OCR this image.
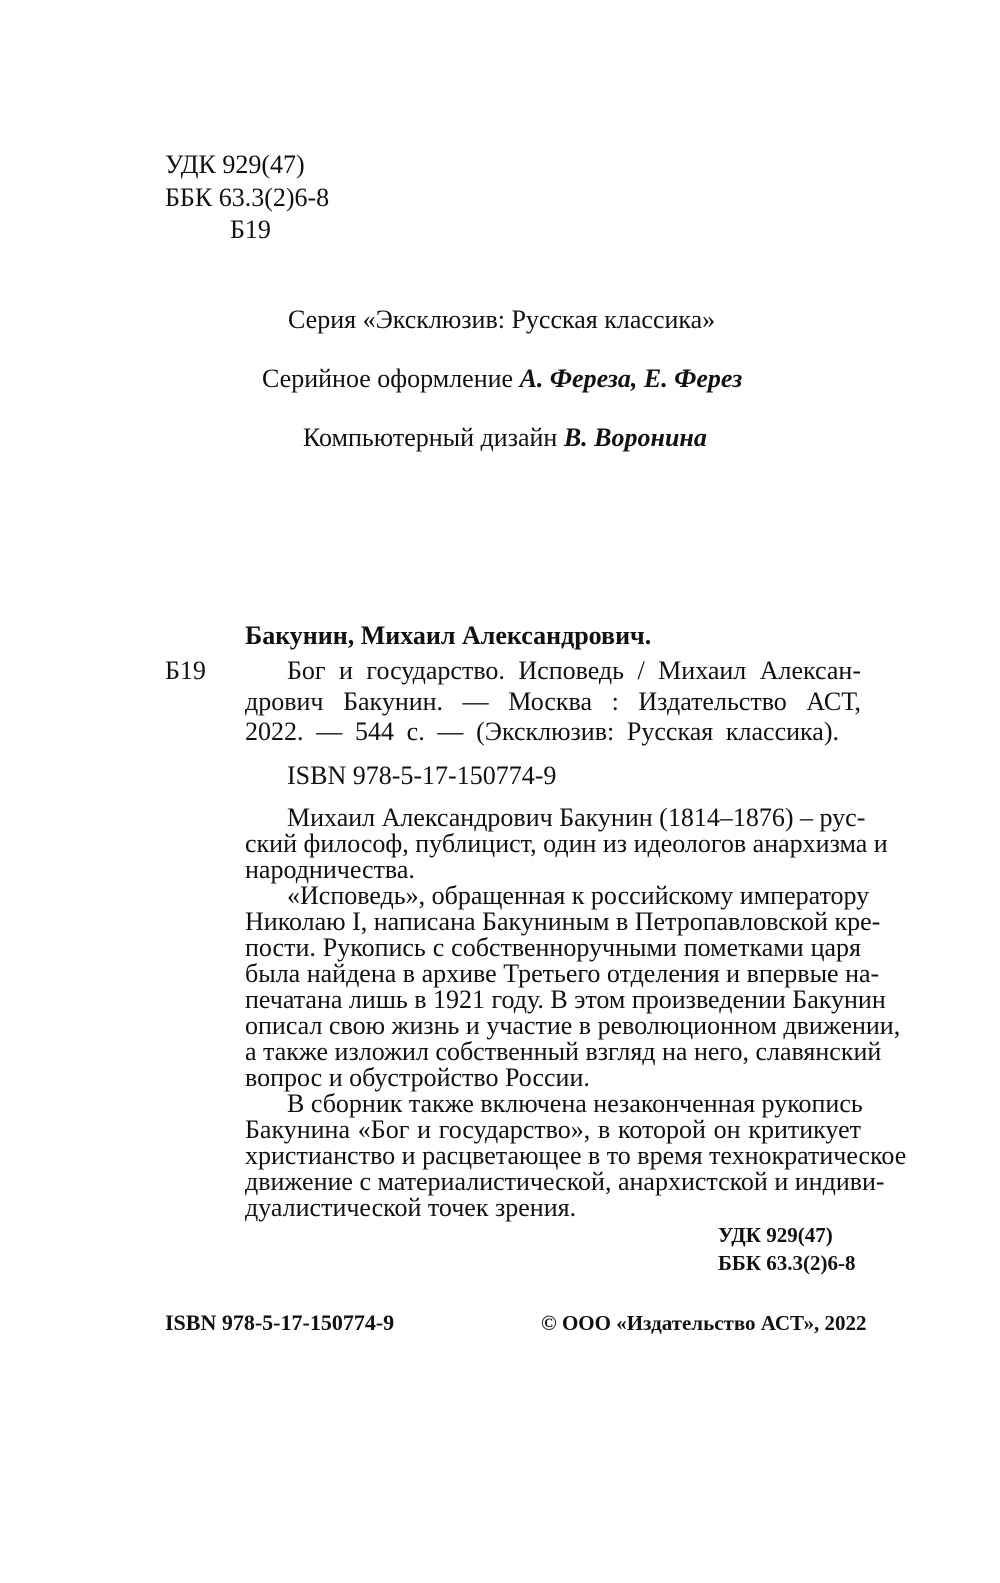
УДК 929(47)
ББК 63.3(2)6-8
Б19
Серия «Эксклюзив: Русская классика»
Серийное оформление А. Фереза, Е. Ферез
Компьютерный дизайн В. Воронина
Бакунин, Михаил Александрович.
Б19	Бог и государство. Исповедь / Михаил Алексан-
дрович Бакунин. — Москва : Издательство АСТ,
2022. — 544 с. — (Эксклюзив: Русская классика).
ISBN 978-5-17-150774-9
Михаил Александрович Бакунин (1814–1876) – рус-
ский философ, публицист, один из идеологов анархизма и
народничества.
«Исповедь», обращенная к российскому императору
Николаю I, написана Бакуниным в Петропавловской кре-
пости. Рукопись с собственноручными пометками царя
была найдена в архиве Третьего отделения и впервые на-
печатана лишь в 1921 году. В этом произведении Бакунин
описал свою жизнь и участие в революционном движении,
а также изложил собственный взгляд на него, славянский
вопрос и обустройство России.
В сборник также включена незаконченная рукопись
Бакунина «Бог и государство», в которой он критикует
христианство и расцветающее в то время технократическое
движение с материалистической, анархистской и индиви-
дуалистической точек зрения.
УДК 929(47)
ББК 63.3(2)6-8
ISBN 978-5-17-150774-9	© ООО «Издательство АСТ», 2022
